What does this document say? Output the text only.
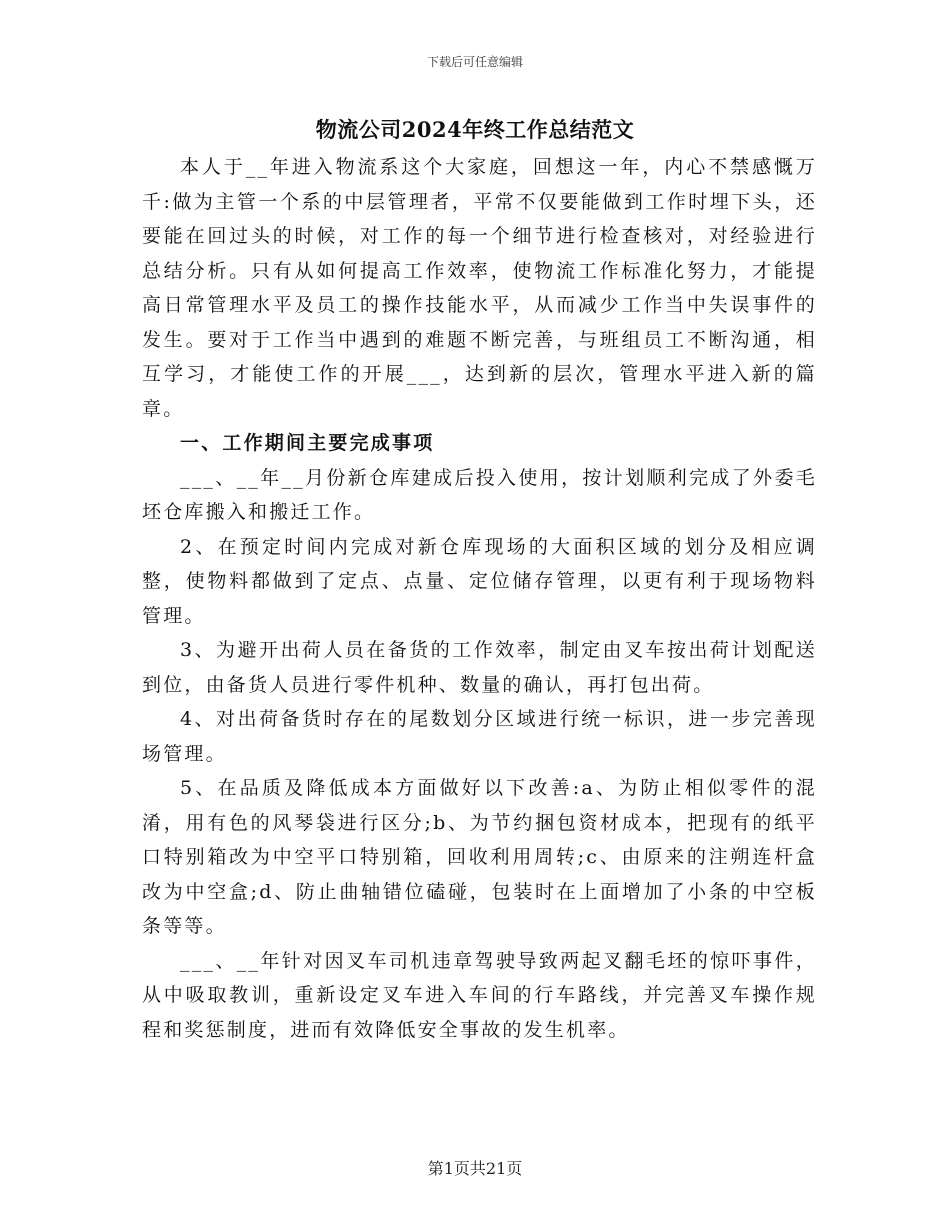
下载后可任意编辑
物流公司2024年终工作总结范文

本人于__年进入物流系这个大家庭，回想这一年，内心不禁感慨万千:做为主管一个系的中层管理者，平常不仅要能做到工作时埋下头，还要能在回过头的时候，对工作的每一个细节进行检查核对，对经验进行总结分析。只有从如何提高工作效率，使物流工作标准化努力，才能提高日常管理水平及员工的操作技能水平，从而减少工作当中失误事件的发生。要对于工作当中遇到的难题不断完善，与班组员工不断沟通，相互学习，才能使工作的开展___，达到新的层次，管理水平进入新的篇章。

一、工作期间主要完成事项

___、__年__月份新仓库建成后投入使用，按计划顺利完成了外委毛坯仓库搬入和搬迁工作。

2、在预定时间内完成对新仓库现场的大面积区域的划分及相应调整，使物料都做到了定点、点量、定位储存管理，以更有利于现场物料管理。

3、为避开出荷人员在备货的工作效率，制定由叉车按出荷计划配送到位，由备货人员进行零件机种、数量的确认，再打包出荷。

4、对出荷备货时存在的尾数划分区域进行统一标识，进一步完善现场管理。

5、在品质及降低成本方面做好以下改善:a、为防止相似零件的混淆，用有色的风琴袋进行区分;b、为节约捆包资材成本，把现有的纸平口特别箱改为中空平口特别箱，回收利用周转;c、由原来的注朔连杆盒改为中空盒;d、防止曲轴错位磕碰，包装时在上面增加了小条的中空板条等等。

___、__年针对因叉车司机违章驾驶导致两起叉翻毛坯的惊吓事件，从中吸取教训，重新设定叉车进入车间的行车路线，并完善叉车操作规程和奖惩制度，进而有效降低安全事故的发生机率。

第1页共21页
